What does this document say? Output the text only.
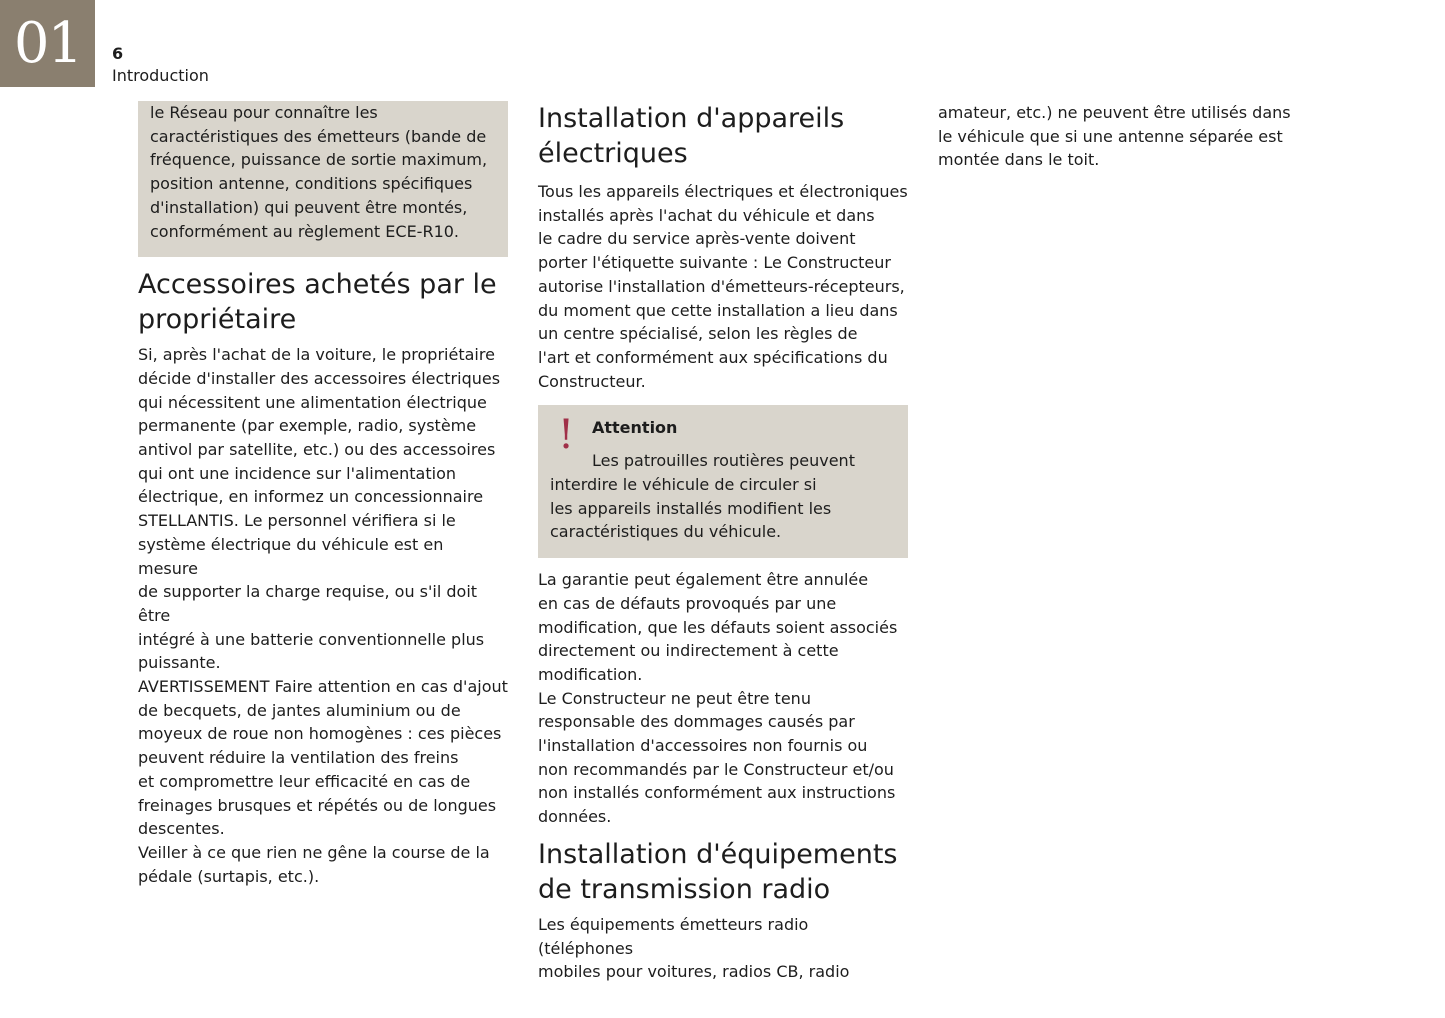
01	6
Introduction

le Réseau pour connaître les

caractéristiques des émetteurs (bande de

fréquence, puissance de sortie maximum,

position antenne, conditions spécifiques

d'installation) qui peuvent être montés,

conformément au règlement ECE-R10.

Accessoires achetés par le
propriétaire

Si, après l'achat de la voiture, le propriétaire

décide d'installer des accessoires électriques

qui nécessitent une alimentation électrique

permanente (par exemple, radio, système

antivol par satellite, etc.) ou des accessoires

qui ont une incidence sur l'alimentation

électrique, en informez un concessionnaire

STELLANTIS. Le personnel vérifiera si le

système électrique du véhicule est en mesure

de supporter la charge requise, ou s'il doit être

intégré à une batterie conventionnelle plus

puissante.

AVERTISSEMENT Faire attention en cas d'ajout

de becquets, de jantes aluminium ou de

moyeux de roue non homogènes : ces pièces

peuvent réduire la ventilation des freins

et compromettre leur efficacité en cas de

freinages brusques et répétés ou de longues

descentes.

Veiller à ce que rien ne gêne la course de la

pédale (surtapis, etc.).

Installation d'appareils
électriques

Tous les appareils électriques et électroniques

installés après l'achat du véhicule et dans

le cadre du service après-vente doivent

porter l'étiquette suivante : Le Constructeur

autorise l'installation d'émetteurs-récepteurs,

du moment que cette installation a lieu dans

un centre spécialisé, selon les règles de

l'art et conformément aux spécifications du

Constructeur.

!	Attention

Les patrouilles routières peuvent

interdire le véhicule de circuler si

les appareils installés modifient les

caractéristiques du véhicule.

La garantie peut également être annulée

en cas de défauts provoqués par une

modification, que les défauts soient associés

directement ou indirectement à cette

modification.

Le Constructeur ne peut être tenu

responsable des dommages causés par

l'installation d'accessoires non fournis ou

non recommandés par le Constructeur et/ou

non installés conformément aux instructions

données.

Installation d'équipements
de transmission radio

Les équipements émetteurs radio (téléphones

mobiles pour voitures, radios CB, radio

amateur, etc.) ne peuvent être utilisés dans

le véhicule que si une antenne séparée est

montée dans le toit.
